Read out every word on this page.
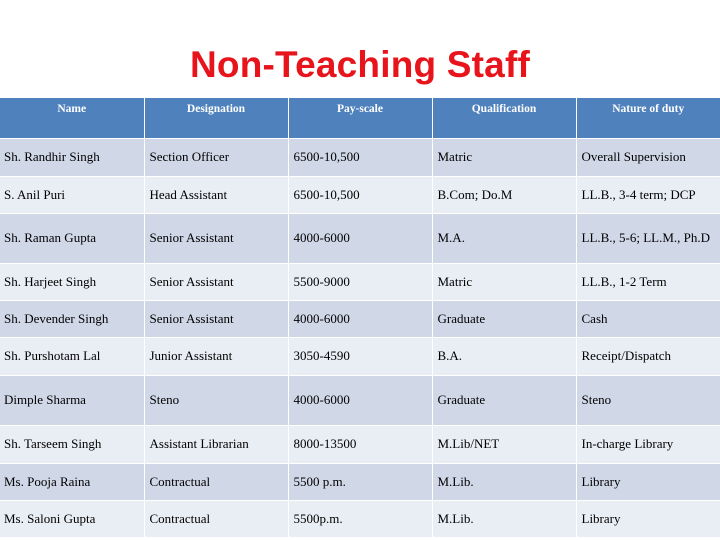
Non-Teaching Staff
Name	Designation	Pay-scale	Qualification	Nature of duty
Sh. Randhir Singh	Section Officer	6500-10,500	Matric	Overall Supervision
S. Anil Puri	Head Assistant	6500-10,500	B.Com; Do.M	LL.B., 3-4 term; DCP
Sh. Raman Gupta	Senior Assistant	4000-6000	M.A.	LL.B., 5-6; LL.M., Ph.D
Sh. Harjeet Singh	Senior Assistant	5500-9000	Matric	LL.B., 1-2 Term
Sh. Devender Singh	Senior Assistant	4000-6000	Graduate	Cash
Sh. Purshotam Lal	Junior Assistant	3050-4590	B.A.	Receipt/Dispatch
Dimple Sharma	Steno	4000-6000	Graduate	Steno
Sh. Tarseem Singh	Assistant Librarian	8000-13500	M.Lib/NET	In-charge Library
Ms. Pooja Raina	Contractual	5500 p.m.	M.Lib.	Library
Ms. Saloni Gupta	Contractual	5500p.m.	M.Lib.	Library
